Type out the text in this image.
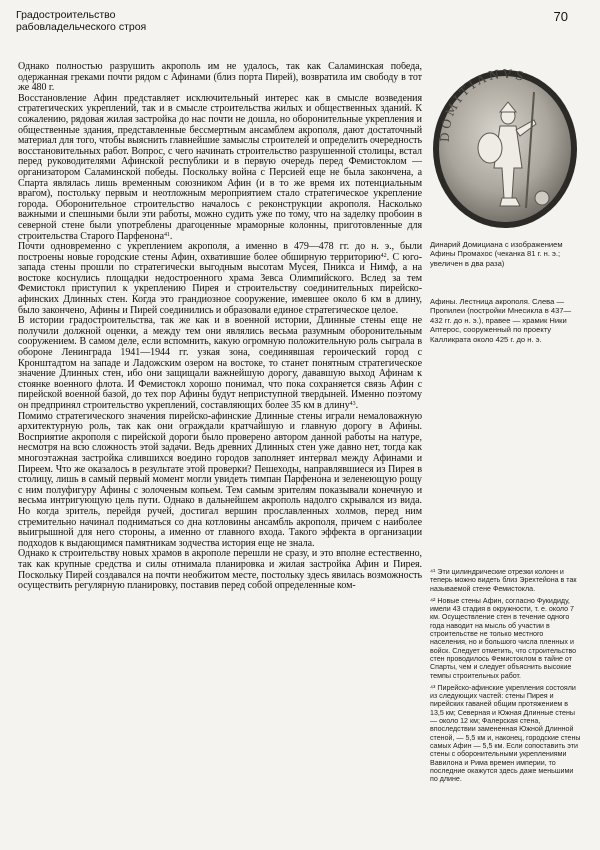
Градостроительство
рабовладельческого строя
70

Однако полностью разрушить акрополь им не удалось, так как Саламинская победа, одержанная греками почти рядом с Афинами (близ порта Пирей), возвратила им свободу в тот же 480 г.

Восстановление Афин представляет исключительный интерес как в смысле возведения стратегических укреплений, так и в смысле строительства жилых и общественных зданий. К сожалению, рядовая жилая застройка до нас почти не дошла, но оборонительные укрепления и общественные здания, представленные бессмертным ансамблем акрополя, дают достаточный материал для того, чтобы выяснить главнейшие замыслы строителей и определить очередность восстановительных работ. Вопрос, с чего начинать строительство разрушенной столицы, встал перед руководителями Афинской республики и в первую очередь перед Фемистоклом — организатором Саламинской победы. Поскольку война с Персией еще не была закончена, а Спарта являлась лишь временным союзником Афин (и в то же время их потенциальным врагом), постольку первым и неотложным мероприятием стало стратегическое укрепление города. Оборонительное строительство началось с реконструкции акрополя. Насколько важными и спешными были эти работы, можно судить уже по тому, что на заделку пробоин в северной стене были употреблены драгоценные мраморные колонны, приготовленные для строительства Старого Парфенона$^{41}$.

Почти одновременно с укреплением акрополя, а именно в 479—478 гг. до н. э., были построены новые городские стены Афин, охватившие более обширную территорию$^{42}$. С юго-запада стены прошли по стратегически выгодным высотам Мусея, Пникса и Нимф, а на востоке коснулись площадки недостроенного храма Зевса Олимпийского. Вслед за тем Фемистокл приступил к укреплению Пирея и строительству соединительных пирейско-афинских Длинных стен. Когда это грандиозное сооружение, имевшее около 6 км в длину, было закончено, Афины и Пирей соединились и образовали единое стратегическое целое.

В истории градостроительства, так же как и в военной истории, Длинные стены еще не получили должной оценки, а между тем они являлись весьма разумным оборонительным сооружением. В самом деле, если вспомнить, какую огромную положительную роль сыграла в обороне Ленинграда 1941—1944 гг. узкая зона, соединявшая героический город с Кронштадтом на западе и Ладожским озером на востоке, то станет понятным стратегическое значение Длинных стен, ибо они защищали важнейшую дорогу, дававшую выход Афинам к стоянке военного флота. И Фемистокл хорошо понимал, что пока сохраняется связь Афин с пирейской военной базой, до тех пор Афины будут неприступной твердыней. Именно поэтому он предпринял строительство укреплений, составляющих более 35 км в длину$^{43}$.

Помимо стратегического значения пирейско-афинские Длинные стены играли немаловажную архитектурную роль, так как они ограждали кратчайшую и главную дорогу в Афины. Восприятие акрополя с пирейской дороги было проверено автором данной работы на натуре, несмотря на всю сложность этой задачи. Ведь древних Длинных стен уже давно нет, тогда как многоэтажная застройка слившихся воедино городов заполняет интервал между Афинами и Пиреем. Что же оказалось в результате этой проверки? Пешеходы, направлявшиеся из Пирея в столицу, лишь в самый первый момент могли увидеть тимпан Парфенона и зеленеющую рощу с ним полуфигуру Афины с золоченым копьем. Тем самым зрителям показывали конечную и весьма интригующую цель пути. Однако в дальнейшем акрополь надолго скрывался из вида. Но когда зритель, перейдя ручей, достигал вершин прославленных холмов, перед ним стремительно начинал подниматься со дна котловины ансамбль акрополя, причем с наиболее выигрышной для него стороны, а именно от главного входа. Такого эффекта в организации подходов к выдающимся памятникам зодчества история еще не знала.

Однако к строительству новых храмов в акрополе перешли не сразу, и это вполне естественно, так как крупные средства и силы отнимала планировка и жилая застройка Афин и Пирея. Поскольку Пирей создавался на почти необжитом месте, постольку здесь явилась возможность осуществить регулярную планировку, поставив перед собой определенные ком-

DOMITIANVS
Динарий Домициана с изображением Афины Промахос (чеканка 81 г. н. э.; увеличен в два раза)
Афины. Лестница акрополя. Слева — Пропилеи (постройки Мнесикла в 437—432 гг. до н. э.), правее — храмик Ники Аптерос, сооруженный по проекту Калликрата около 425 г. до н. э.

⁴¹ Эти цилиндрические отрезки колонн и теперь можно видеть близ Эрехтейона в так называемой стене Фемистокла.

⁴² Новые стены Афин, согласно Фукидиду, имели 43 стадия в окружности, т. е. около 7 км. Осуществление стен в течение одного года наводит на мысль об участии в строительстве не только местного населения, но и большого числа пленных и войск. Следует отметить, что строительство стен проводилось Фемистоклом в тайне от Спарты, чем и следует объяснить высокие темпы строительных работ.

⁴³ Пирейско-афинские укрепления состояли из следующих частей: стены Пирея и пирейских гаваней общим протяжением в 13,5 км; Северная и Южная Длинные стены — около 12 км; Фалерская стена, впоследствии замененная Южной Длинной стеной, — 5,5 км и, наконец, городские стены самых Афин — 5,5 км. Если сопоставить эти стены с оборонительными укреплениями Вавилона и Рима времен империи, то последние окажутся здесь даже меньшими по длине.
